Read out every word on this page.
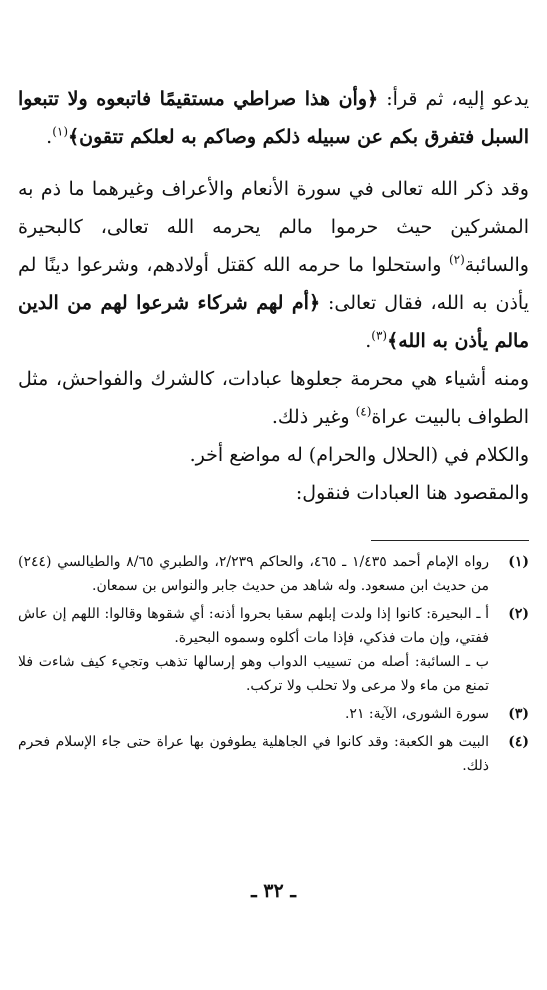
يدعو إليه، ثم قرأ: ﴿وأن هذا صراطي مستقيمًا فاتبعوه ولا تتبعوا السبل فتفرق بكم عن سبيله ذلكم وصاكم به لعلكم تتقون﴾$^{(١)}$.

وقد ذكر الله تعالى في سورة الأنعام والأعراف وغيرهما ما ذم به المشركين حيث حرموا مالم يحرمه الله تعالى، كالبحيرة والسائبة$^{(٢)}$ واستحلوا ما حرمه الله كقتل أولادهم، وشرعوا دينًا لم يأذن به الله، فقال تعالى: ﴿أم لهم شركاء شرعوا لهم من الدين مالم يأذن به الله﴾$^{(٣)}$.

ومنه أشياء هي محرمة جعلوها عبادات، كالشرك والفواحش، مثل الطواف بالبيت عراة$^{(٤)}$ وغير ذلك.

والكلام في (الحلال والحرام) له مواضع أخر.

والمقصود هنا العبادات فنقول:

(١)
رواه الإمام أحمد ١/٤٣٥ ـ ٤٦٥، والحاكم ٢/٢٣٩، والطبري ٨/٦٥ والطيالسي (٢٤٤) من حديث ابن مسعود. وله شاهد من حديث جابر والنواس بن سمعان.
(٢)
أ ـ البحيرة: كانوا إذا ولدت إبلهم سقبا بحروا أذنه: أي شقوها وقالوا: اللهم إن عاش ففتي، وإن مات فذكي، فإذا مات أكلوه وسموه البحيرة.
ب ـ السائبة: أصله من تسييب الدواب وهو إرسالها تذهب وتجيء كيف شاءت فلا تمنع من ماء ولا مرعى ولا تحلب ولا تركب.
(٣)
سورة الشورى، الآية: ٢١.
(٤)
البيت هو الكعبة: وقد كانوا في الجاهلية يطوفون بها عراة حتى جاء الإسلام فحرم ذلك.
ـ ٣٢ ـ
